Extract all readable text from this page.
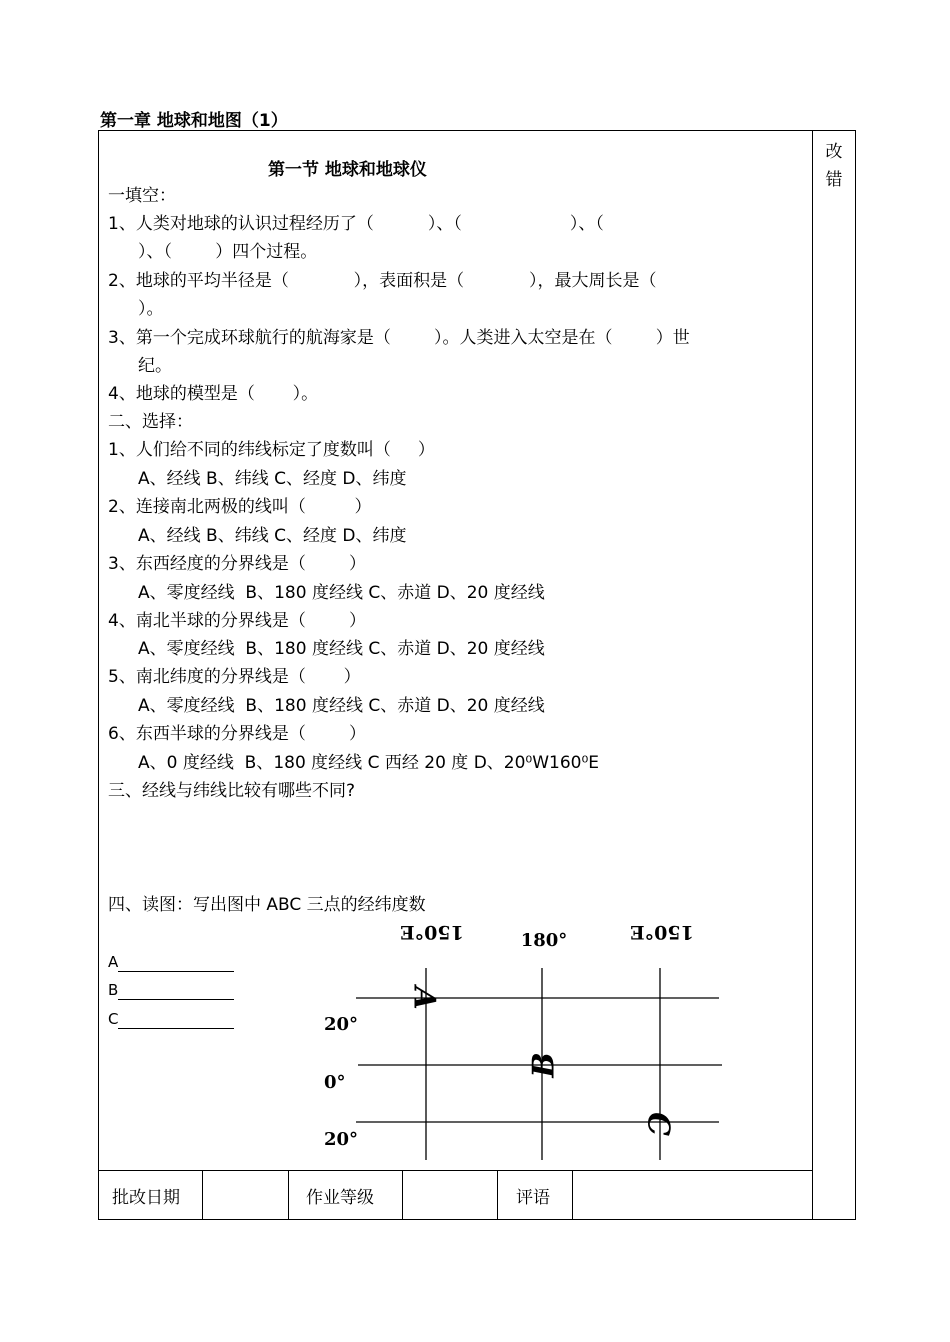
第一章 地球和地图（1）
改
错
第一节 地球和地球仪
一填空：
1、人类对地球的认识过程经历了（          ）、（                    ）、（
）、（        ）四个过程。
2、地球的平均半径是（            ），表面积是（            ），最大周长是（
）。
3、第一个完成环球航行的航海家是（        ）。人类进入太空是在（        ）世
纪。
4、地球的模型是（       ）。
二、选择：
1、人们给不同的纬线标定了度数叫（     ）
A、经线 B、纬线 C、经度 D、纬度
2、连接南北两极的线叫（         ）
A、经线 B、纬线 C、经度 D、纬度
3、东西经度的分界线是（        ）
A、零度经线  B、180 度经线 C、赤道 D、20 度经线
4、南北半球的分界线是（        ）
A、零度经线  B、180 度经线 C、赤道 D、20 度经线
5、南北纬度的分界线是（       ）
A、零度经线  B、180 度经线 C、赤道 D、20 度经线
6、东西半球的分界线是（        ）
A、0 度经线  B、180 度经线 C 西经 20 度 D、20⁰W160⁰E
三、经线与纬线比较有哪些不同?
四、读图：写出图中 ABC 三点的经纬度数
A
B
C
150°E	180°	150°E
20°
0°
20°
A
B
C
批改日期	作业等级	评语
